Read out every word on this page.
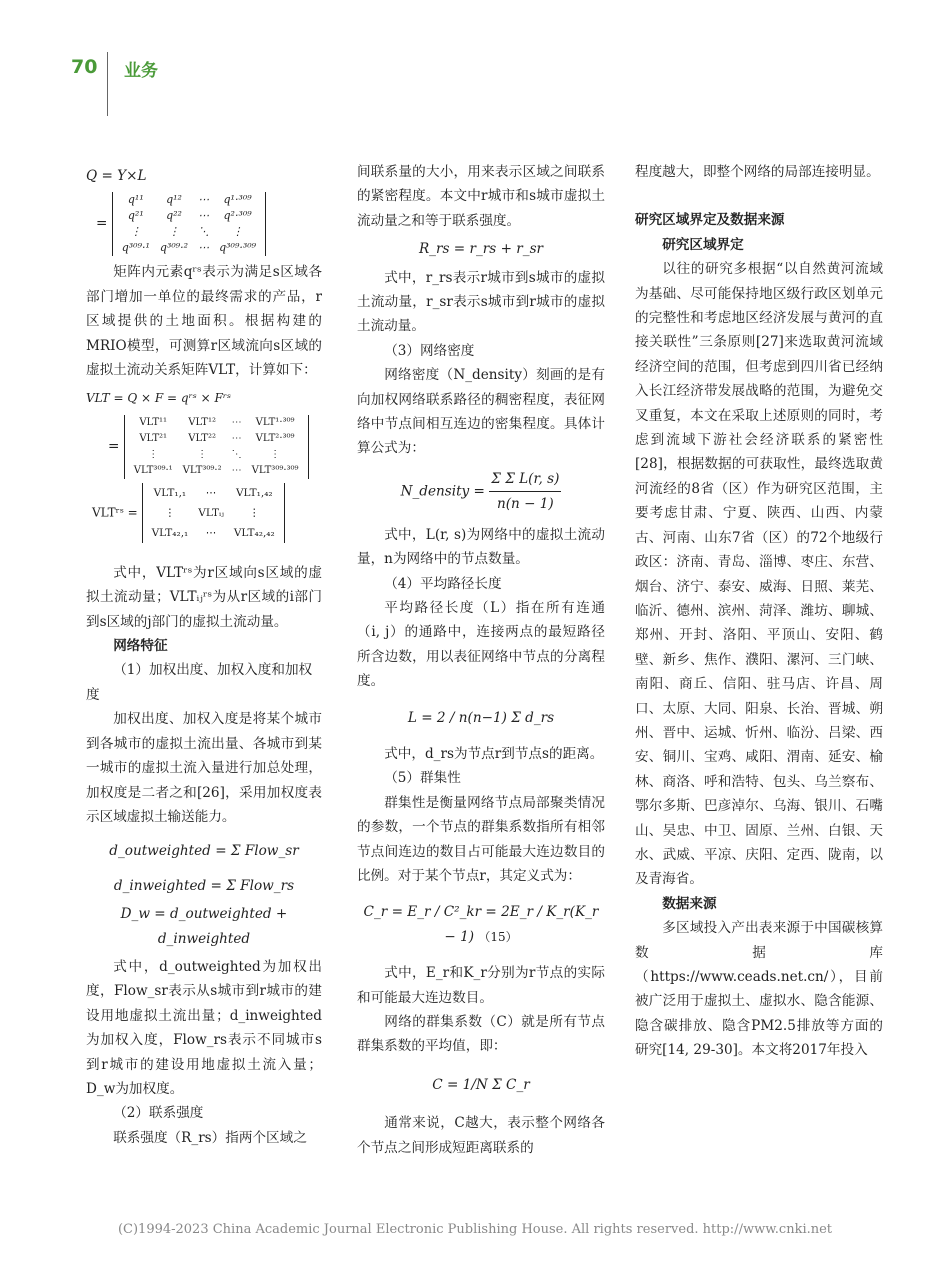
70 业务
Q = Y×L
=
q¹¹	q¹²	⋯	q¹·³⁰⁹
q²¹	q²²	⋯	q²·³⁰⁹
⋮	⋮	⋱	⋮
q³⁰⁹·¹	q³⁰⁹·²	⋯	q³⁰⁹·³⁰⁹

矩阵内元素qʳˢ表示为满足s区域各部门增加一单位的最终需求的产品，r区域提供的土地面积。根据构建的MRIO模型，可测算r区域流向s区域的虚拟土流动关系矩阵VLT，计算如下：

VLT = Q × F = qʳˢ × Fʳˢ
=
VLT¹¹	VLT¹²	⋯	VLT¹·³⁰⁹
VLT²¹	VLT²²	⋯	VLT²·³⁰⁹
⋮	⋮	⋱	⋮
VLT³⁰⁹·¹	VLT³⁰⁹·²	⋯	VLT³⁰⁹·³⁰⁹
VLTʳˢ =
VLT₁,₁	⋯	VLT₁,₄₂
⋮	VLTᵢⱼ	⋮
VLT₄₂,₁	⋯	VLT₄₂,₄₂

式中，VLTʳˢ为r区域向s区域的虚拟土流动量；VLTᵢⱼʳˢ为从r区域的i部门到s区域的j部门的虚拟土流动量。

网络特征

（1）加权出度、加权入度和加权度

加权出度、加权入度是将某个城市到各城市的虚拟土流出量、各城市到某一城市的虚拟土流入量进行加总处理，加权度是二者之和[26]，采用加权度表示区域虚拟土输送能力。

d_outweighted = Σ Flow_sr
d_inweighted = Σ Flow_rs
D_w = d_outweighted + d_inweighted

式中，d_outweighted为加权出度，Flow_sr表示从s城市到r城市的建设用地虚拟土流出量；d_inweighted为加权入度，Flow_rs表示不同城市s到r城市的建设用地虚拟土流入量；D_w为加权度。

（2）联系强度

联系强度（R_rs）指两个区域之

间联系量的大小，用来表示区域之间联系的紧密程度。本文中r城市和s城市虚拟土流动量之和等于联系强度。

R_rs = r_rs + r_sr

式中，r_rs表示r城市到s城市的虚拟土流动量，r_sr表示s城市到r城市的虚拟土流动量。

（3）网络密度

网络密度（N_density）刻画的是有向加权网络联系路径的稠密程度，表征网络中节点间相互连边的密集程度。具体计算公式为：

N_density = $\frac{\text{Σ Σ L(r, s)}}{n(n - 1)}$

式中，L(r, s)为网络中的虚拟土流动量，n为网络中的节点数量。

（4）平均路径长度

平均路径长度（L）指在所有连通（i, j）的通路中，连接两点的最短路径所含边数，用以表征网络中节点的分离程度。

L = 2 / n(n−1) Σ d_rs

式中，d_rs为节点r到节点s的距离。

（5）群集性

群集性是衡量网络节点局部聚类情况的参数，一个节点的群集系数指所有相邻节点间连边的数目占可能最大连边数目的比例。对于某个节点r，其定义式为：

C_r = E_r / C²_kr = 2E_r / K_r(K_r − 1) （15）

式中，E_r和K_r分别为r节点的实际和可能最大连边数目。

网络的群集系数（C）就是所有节点群集系数的平均值，即：

C = 1/N Σ C_r

通常来说，C越大，表示整个网络各个节点之间形成短距离联系的

程度越大，即整个网络的局部连接明显。

研究区域界定及数据来源

研究区域界定

以往的研究多根据“以自然黄河流域为基础、尽可能保持地区级行政区划单元的完整性和考虑地区经济发展与黄河的直接关联性”三条原则[27]来选取黄河流域经济空间的范围，但考虑到四川省已经纳入长江经济带发展战略的范围，为避免交叉重复，本文在采取上述原则的同时，考虑到流域下游社会经济联系的紧密性[28]，根据数据的可获取性，最终选取黄河流经的8省（区）作为研究区范围，主要考虑甘肃、宁夏、陕西、山西、内蒙古、河南、山东7省（区）的72个地级行政区：济南、青岛、淄博、枣庄、东营、烟台、济宁、泰安、威海、日照、莱芜、临沂、德州、滨州、菏泽、潍坊、聊城、郑州、开封、洛阳、平顶山、安阳、鹤壁、新乡、焦作、濮阳、漯河、三门峡、南阳、商丘、信阳、驻马店、许昌、周口、太原、大同、阳泉、长治、晋城、朔州、晋中、运城、忻州、临汾、吕梁、西安、铜川、宝鸡、咸阳、渭南、延安、榆林、商洛、呼和浩特、包头、乌兰察布、鄂尔多斯、巴彦淖尔、乌海、银川、石嘴山、吴忠、中卫、固原、兰州、白银、天水、武威、平凉、庆阳、定西、陇南，以及青海省。

数据来源

多区域投入产出表来源于中国碳核算数据库（https://www.ceads.net.cn/），目前被广泛用于虚拟土、虚拟水、隐含能源、隐含碳排放、隐含PM2.5排放等方面的研究[14, 29-30]。本文将2017年投入

(C)1994-2023 China Academic Journal Electronic Publishing House. All rights reserved. http://www.cnki.net
